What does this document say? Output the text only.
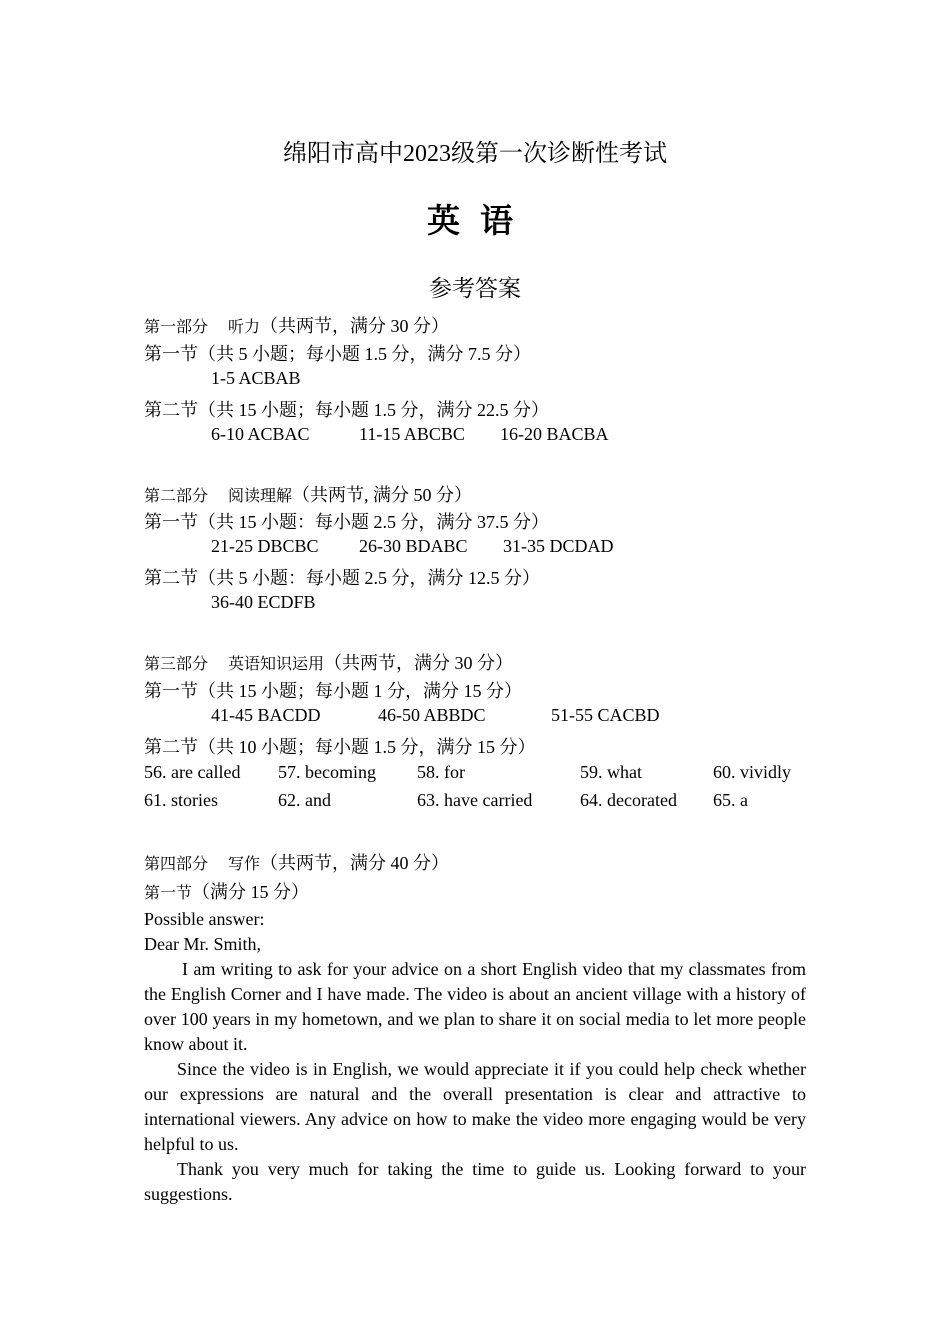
绵阳市高中2023级第一次诊断性考试
英语
参考答案
第一部分 听力（共两节，满分 30 分）
第一节（共 5 小题；每小题 1.5 分，满分 7.5 分）
1-5 ACBAB
第二节（共 15 小题；每小题 1.5 分，满分 22.5 分）
6-10 ACBAC	11-15 ABCBC 16-20 BACBA
第二部分 阅读理解（共两节, 满分 50 分）
第一节（共 15 小题：每小题 2.5 分，满分 37.5 分）
21-25 DBCBC 26-30 BDABC 31-35 DCDAD
第二节（共 5 小题：每小题 2.5 分，满分 12.5 分）
36-40 ECDFB
第三部分 英语知识运用（共两节，满分 30 分）
第一节（共 15 小题；每小题 1 分，满分 15 分）
41-45 BACDD	46-50 ABBDC	51-55 CACBD
第二节（共 10 小题；每小题 1.5 分，满分 15 分）
56. are called 57. becoming 58. for	59. what	60. vividly
61. stories	62. and	63. have carried	64. decorated 65. a
第四部分 写作（共两节，满分 40 分）
第一节（满分 15 分）

Possible answer:

Dear Mr. Smith,

I am writing to ask for your advice on a short English video that my classmates from the English Corner and I have made. The video is about an ancient village with a history of over 100 years in my hometown, and we plan to share it on social media to let more people know about it.

Since the video is in English, we would appreciate it if you could help check whether our expressions are natural and the overall presentation is clear and attractive to international viewers. Any advice on how to make the video more engaging would be very helpful to us.

Thank you very much for taking the time to guide us. Looking forward to your suggestions.
